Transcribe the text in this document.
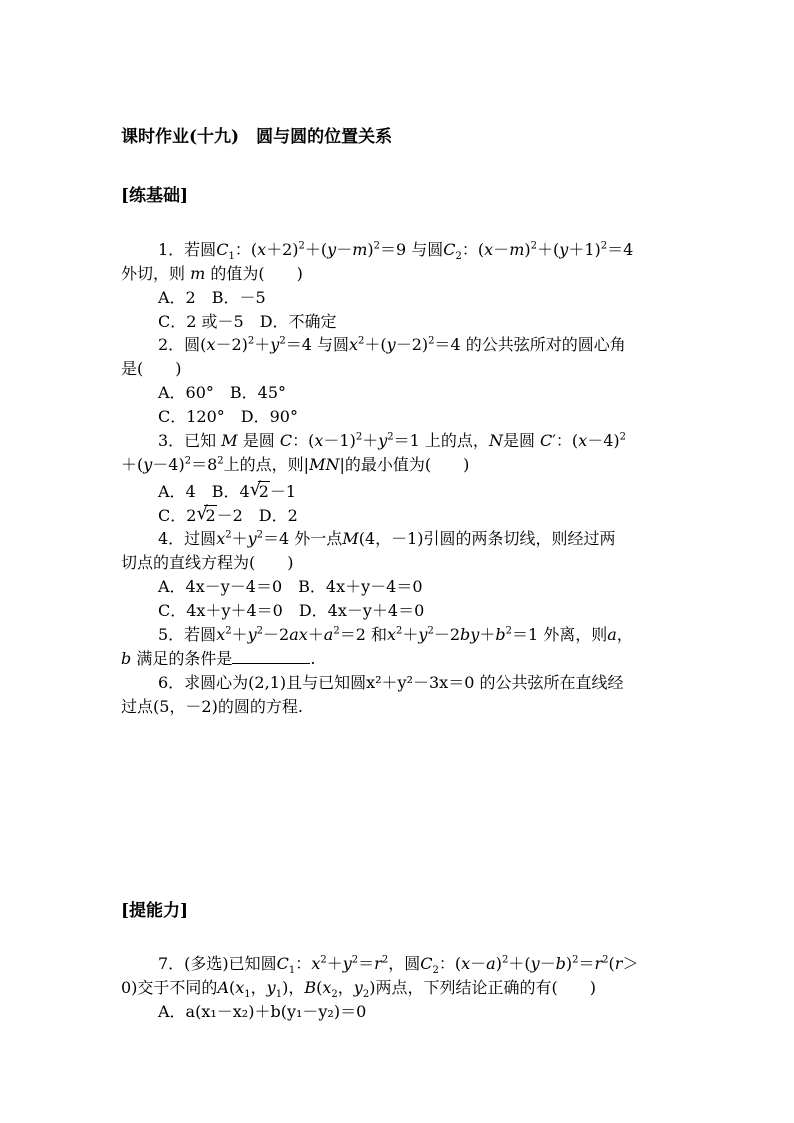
课时作业(十九)　圆与圆的位置关系
[练基础]
1．若圆$C_1$：$(x+2)^2+(y-m)^2=9$ 与圆$C_2$：$(x-m)^2+(y+1)^2=4$
外切，则 m 的值为(　　)
A．2　B．－5
C．2 或－5　D．不确定
2．圆$(x-2)^2+y^2=4$ 与圆$x^2+(y-2)^2=4$ 的公共弦所对的圆心角
是(　　)
A．60°　B．45°
C．120°　D．90°
3．已知 M 是圆 C：$(x-1)^2+y^2=1$ 上的点，N是圆 C′：$(x-4)^2$
$+(y-4)^2=8^2$上的点，则|MN|的最小值为(　　)
A．4　B．4 √
2－1
C．2 √
2－2　D．2
4．过圆$x^2+y^2=4$ 外一点M(4，－1)引圆的两条切线，则经过两
切点的直线方程为(　　)
A．4x－y－4＝0　B．4x＋y－4＝0
C．4x＋y＋4＝0　D．4x－y＋4＝0
5．若圆$x^2+y^2-2ax+a^2=2$ 和$x^2+y^2-2by+b^2=1$ 外离，则a，
b 满足的条件是	.
6．求圆心为(2,1)且与已知圆x²＋y²－3x＝0 的公共弦所在直线经
过点(5，－2)的圆的方程.
[提能力]
7．(多选)已知圆$C_1$：$x^2+y^2=r^2$，圆$C_2$：$(x-a)^2+(y-b)^2=r^2(r>$
0)交于不同的$A(x_1$，$y_1$)，$B(x_2$，$y_2$)两点，下列结论正确的有(　　)
A．a(x₁－x₂)＋b(y₁－y₂)＝0
